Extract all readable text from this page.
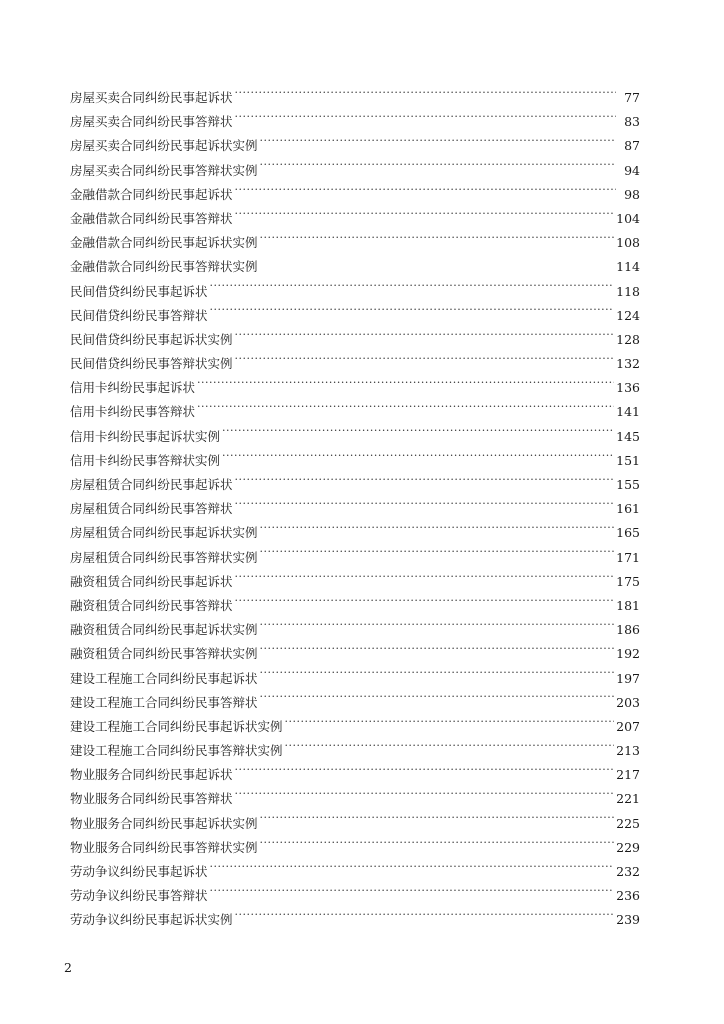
房屋买卖合同纠纷民事起诉状 ·····	77
房屋买卖合同纠纷民事答辩状 ·····	83
房屋买卖合同纠纷民事起诉状实例 ·····	87
房屋买卖合同纠纷民事答辩状实例 ·····	94
金融借款合同纠纷民事起诉状 ·····	98
金融借款合同纠纷民事答辩状 ·····	104
金融借款合同纠纷民事起诉状实例 ·····	108
金融借款合同纠纷民事答辩状实例	114
民间借贷纠纷民事起诉状 ·····	118
民间借贷纠纷民事答辩状 ·····	124
民间借贷纠纷民事起诉状实例 ·····	128
民间借贷纠纷民事答辩状实例 ·····	132
信用卡纠纷民事起诉状 ·····	136
信用卡纠纷民事答辩状 ·····	141
信用卡纠纷民事起诉状实例 ·····	145
信用卡纠纷民事答辩状实例 ·····	151
房屋租赁合同纠纷民事起诉状 ·····	155
房屋租赁合同纠纷民事答辩状 ·····	161
房屋租赁合同纠纷民事起诉状实例 ·····	165
房屋租赁合同纠纷民事答辩状实例 ·····	171
融资租赁合同纠纷民事起诉状 ·····	175
融资租赁合同纠纷民事答辩状 ·····	181
融资租赁合同纠纷民事起诉状实例 ·····	186
融资租赁合同纠纷民事答辩状实例 ·····	192
建设工程施工合同纠纷民事起诉状 ·····	197
建设工程施工合同纠纷民事答辩状 ·····	203
建设工程施工合同纠纷民事起诉状实例 ·····	207
建设工程施工合同纠纷民事答辩状实例 ·····	213
物业服务合同纠纷民事起诉状 ·····	217
物业服务合同纠纷民事答辩状 ·····	221
物业服务合同纠纷民事起诉状实例 ·····	225
物业服务合同纠纷民事答辩状实例 ·····	229
劳动争议纠纷民事起诉状 ·····	232
劳动争议纠纷民事答辩状 ·····	236
劳动争议纠纷民事起诉状实例 ·····	239
2
